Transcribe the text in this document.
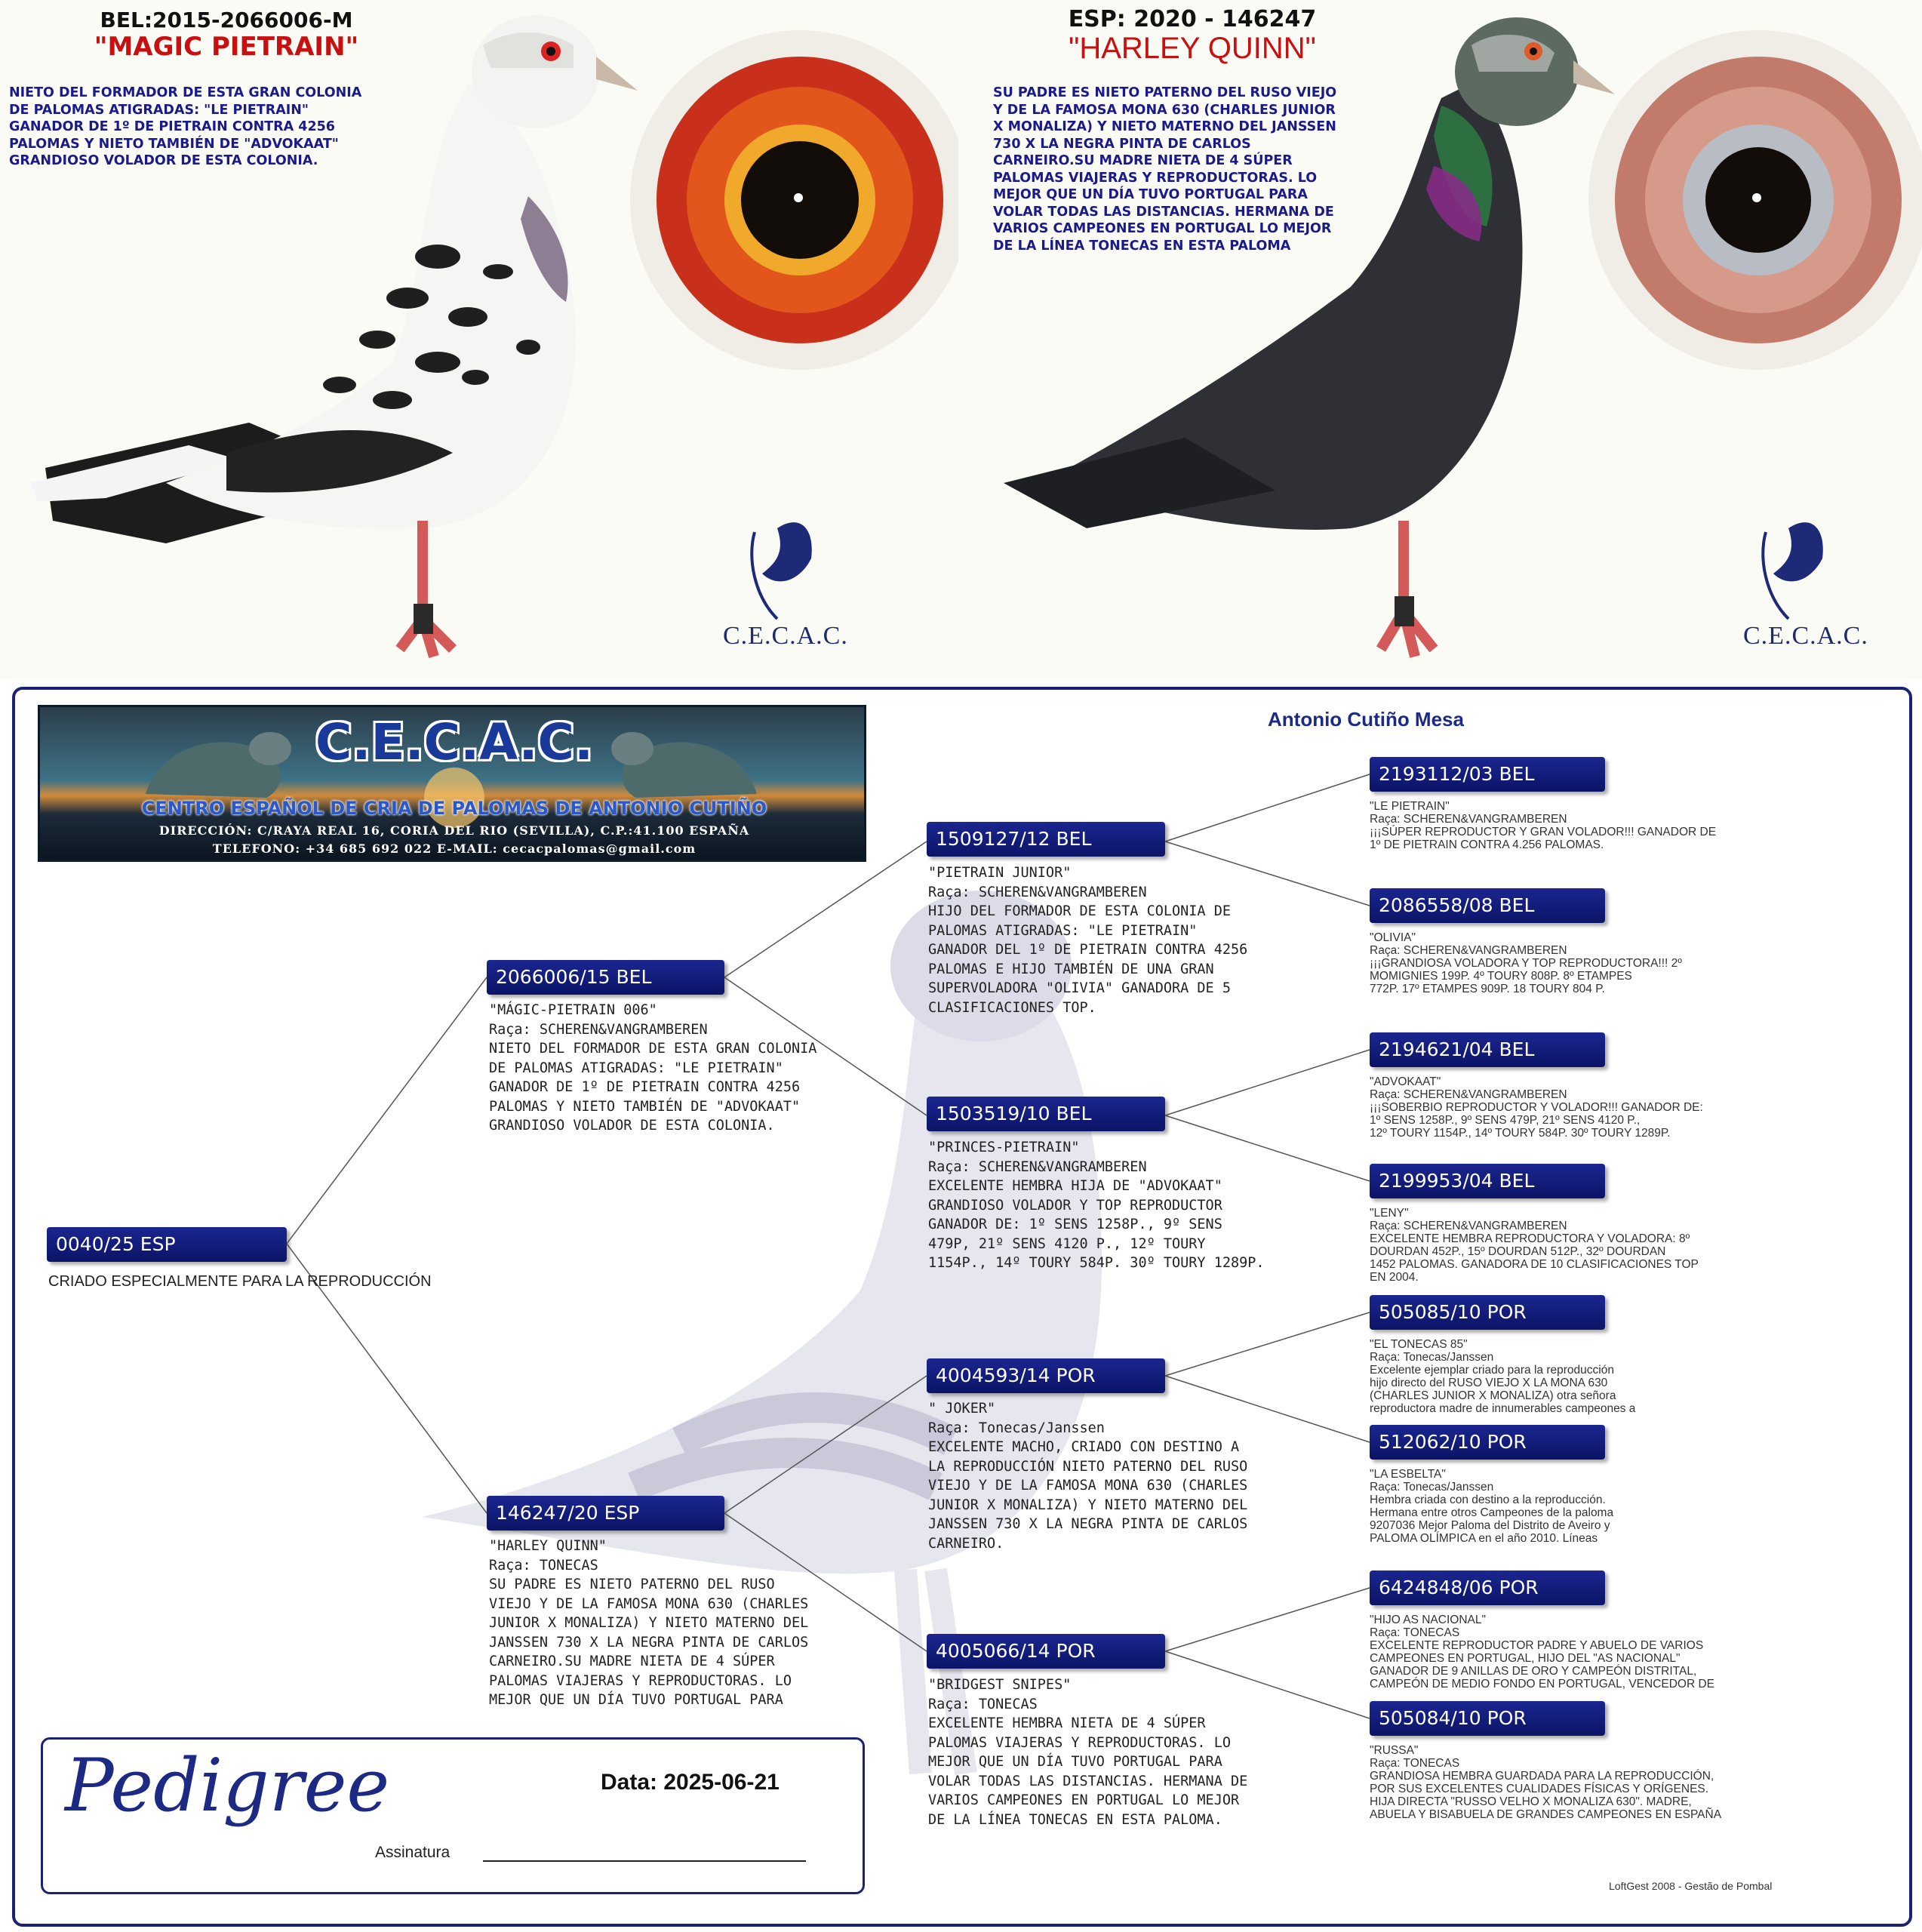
BEL:2015-2066006-M
"MAGIC PIETRAIN"
NIETO DEL FORMADOR DE ESTA GRAN COLONIA
DE PALOMAS ATIGRADAS: "LE PIETRAIN"
GANADOR DE 1º DE PIETRAIN CONTRA 4256
PALOMAS Y NIETO TAMBIÉN DE "ADVOKAAT"
GRANDIOSO VOLADOR DE ESTA COLONIA.
C.E.C.A.C.
ESP: 2020 - 146247
"HARLEY QUINN"
SU PADRE ES NIETO PATERNO DEL RUSO VIEJO
Y DE LA FAMOSA MONA 630 (CHARLES JUNIOR
X MONALIZA) Y NIETO MATERNO DEL JANSSEN
730 X LA NEGRA PINTA DE CARLOS
CARNEIRO.SU MADRE NIETA DE 4 SÚPER
PALOMAS VIAJERAS Y REPRODUCTORAS. LO
MEJOR QUE UN DÍA TUVO PORTUGAL PARA
VOLAR TODAS LAS DISTANCIAS. HERMANA DE
VARIOS CAMPEONES EN PORTUGAL LO MEJOR
DE LA LÍNEA TONECAS EN ESTA PALOMA
C.E.C.A.C.
C.E.C.A.C.
CENTRO ESPAÑOL DE CRIA DE PALOMAS DE ANTONIO CUTIÑO
DIRECCIÓN: C/RAYA REAL 16, CORIA DEL RIO (SEVILLA), C.P.:41.100 ESPAÑA
TELEFONO: +34 685 692 022 E-MAIL: cecacpalomas@gmail.com
Antonio Cutiño Mesa
0040/25 ESP
CRIADO ESPECIALMENTE PARA LA REPRODUCCIÓN
2066006/15 BEL
"MÁGIC-PIETRAIN 006"
Raça: SCHEREN&VANGRAMBEREN
NIETO DEL FORMADOR DE ESTA GRAN COLONIA
DE PALOMAS ATIGRADAS: "LE PIETRAIN"
GANADOR DE 1º DE PIETRAIN CONTRA 4256
PALOMAS Y NIETO TAMBIÉN DE "ADVOKAAT"
GRANDIOSO VOLADOR DE ESTA COLONIA.
146247/20 ESP
"HARLEY QUINN"
Raça: TONECAS
SU PADRE ES NIETO PATERNO DEL RUSO
VIEJO Y DE LA FAMOSA MONA 630 (CHARLES
JUNIOR X MONALIZA) Y NIETO MATERNO DEL
JANSSEN 730 X LA NEGRA PINTA DE CARLOS
CARNEIRO.SU MADRE NIETA DE 4 SÚPER
PALOMAS VIAJERAS Y REPRODUCTORAS. LO
MEJOR QUE UN DÍA TUVO PORTUGAL PARA
1509127/12 BEL
"PIETRAIN JUNIOR"
Raça: SCHEREN&VANGRAMBEREN
HIJO DEL FORMADOR DE ESTA COLONIA DE
PALOMAS ATIGRADAS: "LE PIETRAIN"
GANADOR DEL 1º DE PIETRAIN CONTRA 4256
PALOMAS E HIJO TAMBIÉN DE UNA GRAN
SUPERVOLADORA "OLIVIA" GANADORA DE 5
CLASIFICACIONES TOP.
1503519/10 BEL
"PRINCES-PIETRAIN"
Raça: SCHEREN&VANGRAMBEREN
EXCELENTE HEMBRA HIJA DE "ADVOKAAT"
GRANDIOSO VOLADOR Y TOP REPRODUCTOR
GANADOR DE: 1º SENS 1258P., 9º SENS
479P, 21º SENS 4120 P., 12º TOURY
1154P., 14º TOURY 584P. 30º TOURY 1289P.
4004593/14 POR
" JOKER"
Raça: Tonecas/Janssen
EXCELENTE MACHO, CRIADO CON DESTINO A
LA REPRODUCCIÓN NIETO PATERNO DEL RUSO
VIEJO Y DE LA FAMOSA MONA 630 (CHARLES
JUNIOR X MONALIZA) Y NIETO MATERNO DEL
JANSSEN 730 X LA NEGRA PINTA DE CARLOS
CARNEIRO.
4005066/14 POR
"BRIDGEST SNIPES"
Raça: TONECAS
EXCELENTE HEMBRA NIETA DE 4 SÚPER
PALOMAS VIAJERAS Y REPRODUCTORAS. LO
MEJOR QUE UN DÍA TUVO PORTUGAL PARA
VOLAR TODAS LAS DISTANCIAS. HERMANA DE
VARIOS CAMPEONES EN PORTUGAL LO MEJOR
DE LA LÍNEA TONECAS EN ESTA PALOMA.
2193112/03 BEL
"LE PIETRAIN"
Raça: SCHEREN&VANGRAMBEREN
¡¡¡SÚPER REPRODUCTOR Y GRAN VOLADOR!!! GANADOR DE
1º DE PIETRAIN CONTRA 4.256 PALOMAS.
2086558/08 BEL
"OLIVIA"
Raça: SCHEREN&VANGRAMBEREN
¡¡¡GRANDIOSA VOLADORA Y TOP REPRODUCTORA!!! 2º
MOMIGNIES 199P. 4º TOURY 808P. 8º ETAMPES
772P. 17º ETAMPES 909P. 18 TOURY 804 P.
2194621/04 BEL
"ADVOKAAT"
Raça: SCHEREN&VANGRAMBEREN
¡¡¡SOBERBIO REPRODUCTOR Y VOLADOR!!! GANADOR DE:
1º SENS 1258P., 9º SENS 479P, 21º SENS 4120 P.,
12º TOURY 1154P., 14º TOURY 584P. 30º TOURY 1289P.
2199953/04 BEL
"LENY"
Raça: SCHEREN&VANGRAMBEREN
EXCELENTE HEMBRA REPRODUCTORA Y VOLADORA: 8º
DOURDAN 452P., 15º DOURDAN 512P., 32º DOURDAN
1452 PALOMAS. GANADORA DE 10 CLASIFICACIONES TOP
EN 2004.
505085/10 POR
"EL TONECAS 85"
Raça: Tonecas/Janssen
Excelente ejemplar criado para la reproducción
hijo directo del RUSO VIEJO X LA MONA 630
(CHARLES JUNIOR X MONALIZA) otra señora
reproductora madre de innumerables campeones a
512062/10 POR
"LA ESBELTA"
Raça: Tonecas/Janssen
Hembra criada con destino a la reproducción.
Hermana entre otros Campeones de la paloma
9207036 Mejor Paloma del Distrito de Aveiro y
PALOMA OLÍMPICA en el año 2010. Líneas
6424848/06 POR
"HIJO AS NACIONAL"
Raça: TONECAS
EXCELENTE REPRODUCTOR PADRE Y ABUELO DE VARIOS
CAMPEONES EN PORTUGAL, HIJO DEL "AS NACIONAL"
GANADOR DE 9 ANILLAS DE ORO Y CAMPEÓN DISTRITAL,
CAMPEÓN DE MEDIO FONDO EN PORTUGAL, VENCEDOR DE
505084/10 POR
"RUSSA"
Raça: TONECAS
GRANDIOSA HEMBRA GUARDADA PARA LA REPRODUCCIÓN,
POR SUS EXCELENTES CUALIDADES FÍSICAS Y ORÍGENES.
HIJA DIRECTA "RUSSO VELHO X MONALIZA 630". MADRE,
ABUELA Y BISABUELA DE GRANDES CAMPEONES EN ESPAÑA
Pedigree	Data: 2025-06-21
Assinatura
LoftGest 2008 - Gestão de Pombal
